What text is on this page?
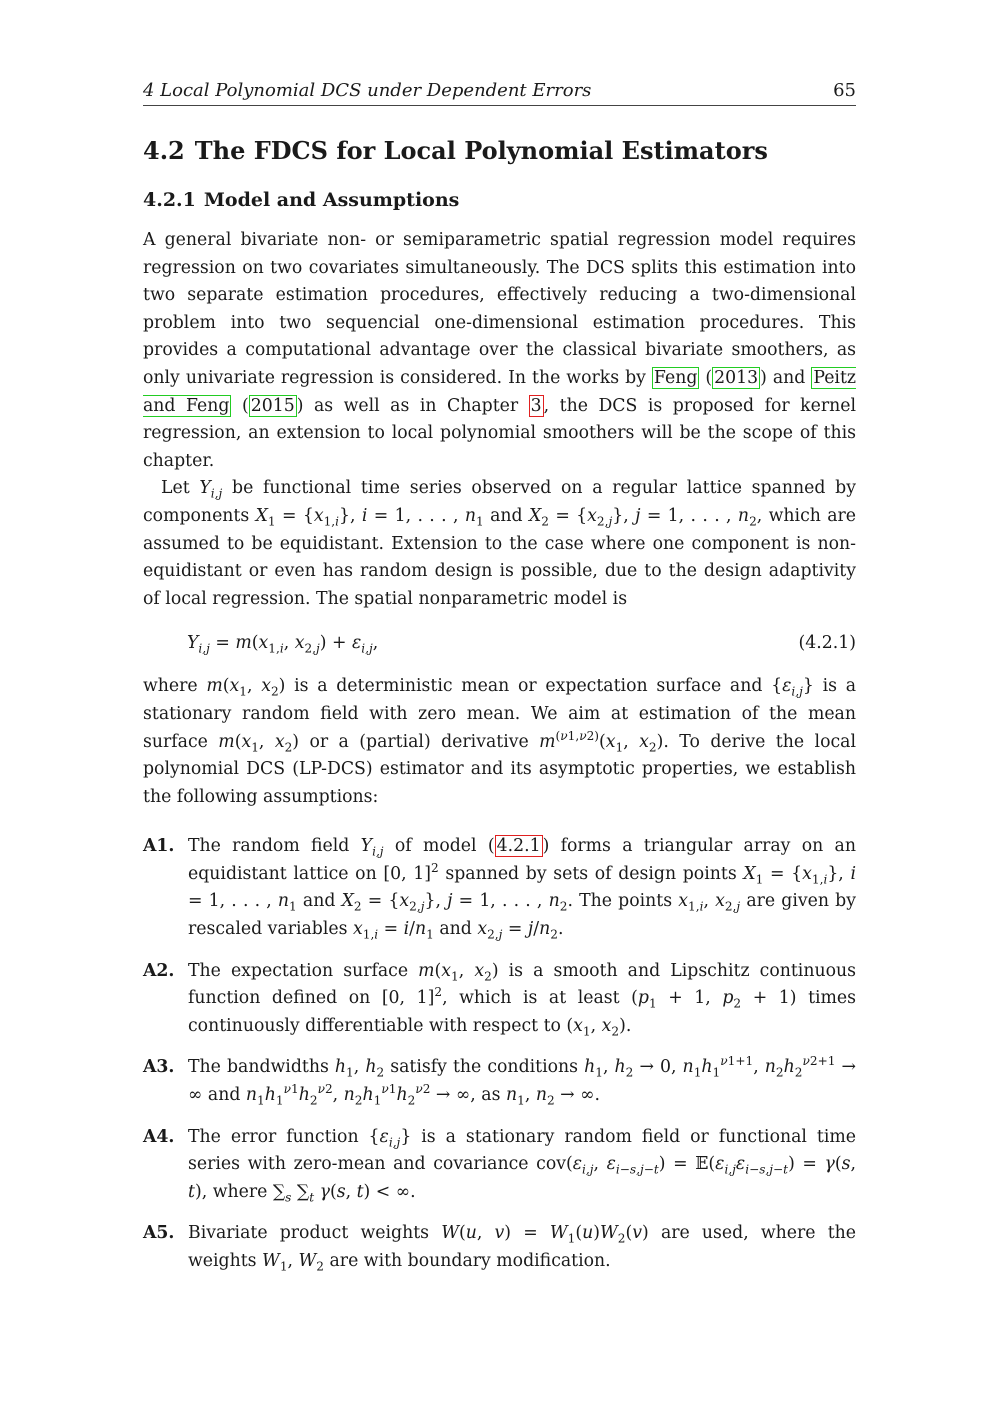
4 Local Polynomial DCS under Dependent Errors	65
4.2 The FDCS for Local Polynomial Estimators
4.2.1 Model and Assumptions

A general bivariate non- or semiparametric spatial regression model requires regression on two covariates simultaneously. The DCS splits this estimation into two separate estimation procedures, effectively reducing a two-dimensional problem into two sequencial one-dimensional estimation procedures. This provides a computational advantage over the classical bivariate smoothers, as only univariate regression is considered. In the works by Feng ( 2013 ) and Peitz and Feng ( 2015 ) as well as in Chapter 3 , the DCS is proposed for kernel regression, an extension to local polynomial smoothers will be the scope of this chapter.

Let $Y_{i,j}$ be functional time series observed on a regular lattice spanned by components $X_1 = \{x_{1,i}\}$, i = 1, . . . , $n_1$ and $X_2 = \{x_{2,j}\}$, j = 1, . . . , $n_2$, which are assumed to be equidistant. Extension to the case where one component is non-equidistant or even has random design is possible, due to the design adaptivity of local regression. The spatial nonparametric model is

$Y_{i,j} = m(x_{1,i}$, $x_{2,j}) + \varepsilon_{i,j}$,	(4.2.1)

where $m(x_1$, $x_2$) is a deterministic mean or expectation surface and $\{\varepsilon_{i,j}\}$ is a stationary random field with zero mean. We aim at estimation of the mean surface $m(x_1$, $x_2$) or a (partial) derivative $m^{(\nu 1,\nu 2)}(x_1$, $x_2$). To derive the local polynomial DCS (LP-DCS) estimator and its asymptotic properties, we establish the following assumptions:

A1. The random field $Y_{i,j}$ of model ( 4.2.1 ) forms a triangular array on an equidistant lattice on [0, 1]$^2$ spanned by sets of design points $X_1 = \{x_{1,i}\}$, i = 1, . . . , $n_1$ and $X_2 = \{x_{2,j}\}$, j = 1, . . . , $n_2$. The points $x_{1,i}$, $x_{2,j}$ are given by rescaled variables $x_{1,i} = i/n_1$ and $x_{2,j} = j/n_2$.

A2. The expectation surface $m(x_1$, $x_2$) is a smooth and Lipschitz continuous function defined on [0, 1]$^2$, which is at least ($p_1 + 1$, $p_2 + 1$) times continuously differentiable with respect to ($x_1$, $x_2$).

A3. The bandwidths $h_1$, $h_2$ satisfy the conditions $h_1$, $h_2 \to 0$, $n_1h_1^{\nu 1+1}$, $n_2h_2^{\nu 2+1}$ → ∞ and $n_1h_1^{\nu 1}h_2^{\nu 2}$, $n_2h_1^{\nu 1}h_2^{\nu 2}$ → ∞, as $n_1$, $n_2$ → ∞.

A4. The error function $\{\varepsilon_{i,j}\}$ is a stationary random field or functional time series with zero-mean and covariance $cov(\varepsilon_{i,j}$, $\varepsilon_{i-s,j-t}$) = $𝔼(\varepsilon_{i,j}\varepsilon_{i-s,j-t}) = \gamma(s$, t), where $\sum_s$ $\sum_t$ γ(s, t) < ∞.

A5. Bivariate product weights W(u, $v) = W_1(u)W_2(v)$ are used, where the weights $W_1$, $W_2$ are with boundary modification.
